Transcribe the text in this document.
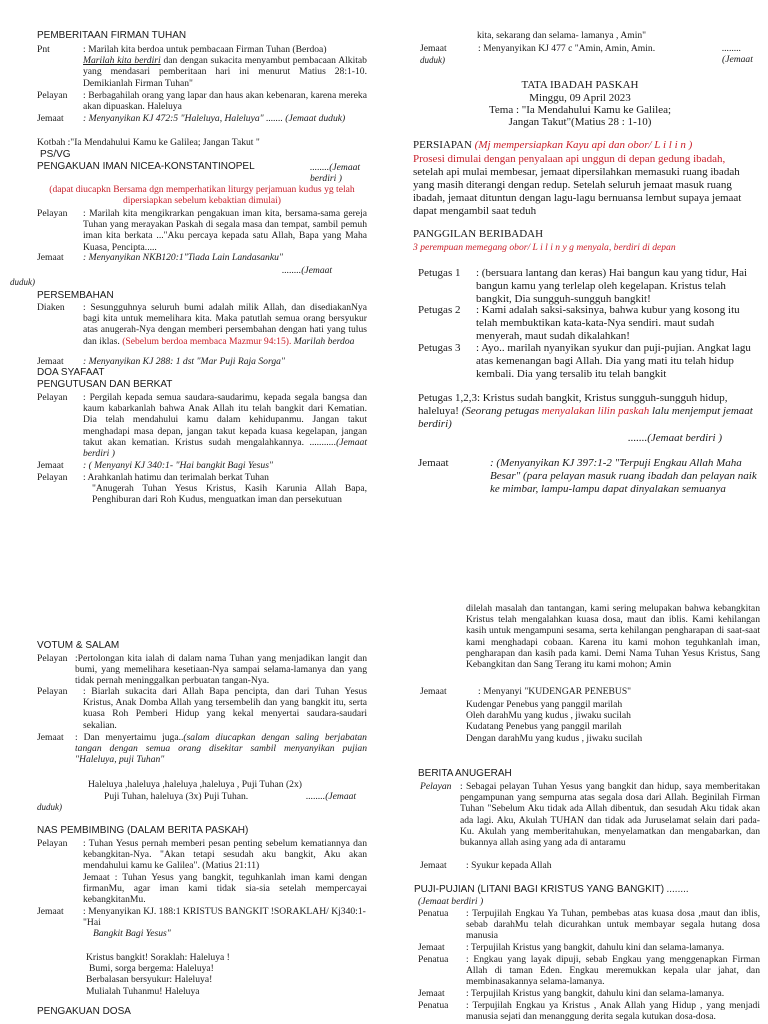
PEMBERITAAN FIRMAN TUHAN
Pnt	: Marilah kita berdoa untuk pembacaan Firman Tuhan (Berdoa)
Marilah kita berdiri dan dengan sukacita menyambut pembacaan Alkitab yang mendasari pemberitaan hari ini menurut Matius 28:1-10. Demikianlah Firman Tuhan"
Pelayan : Berbagahilah orang yang lapar dan haus akan kebenaran, karena mereka akan dipuaskan. Haleluya
Jemaat : Menyanyikan KJ 472:5 "Haleluya, Haleluya" ....... (Jemaat duduk)
Kotbah :"Ia Mendahului Kamu ke Galilea; Jangan Takut "
PS/VG
PENGAKUAN IMAN NICEA-KONSTANTINOPEL	........(Jemaat berdiri )
(dapat diucapkn Bersama dgn memperhatikan liturgy perjamuan kudus yg telah dipersiapkan sebelum kebaktian dimulai)
Pelayan : Marilah kita mengikrarkan pengakuan iman kita, bersama-sama gereja Tuhan yang merayakan Paskah di segala masa dan tempat, sambil pemuh iman kita berkata ..."Aku percaya kepada satu Allah, Bapa yang Maha Kuasa, Pencipta.....
Jemaat : Menyanyikan NKB120:1"Tiada Lain Landasanku"
........(Jemaat
duduk)
PERSEMBAHAN
Diaken : Sesungguhnya seluruh bumi adalah milik Allah, dan disediakanNya bagi kita untuk memelihara kita. Maka patutlah semua orang bersyukur atas anugerah-Nya dengan memberi persembahan dengan hati yang tulus dan iklas. (Sebelum berdoa membaca Mazmur 94:15). Marilah berdoa
Jemaat : Menyanyikan KJ 288: 1 dst "Mar Puji Raja Sorga"
DOA SYAFAAT
PENGUTUSAN DAN BERKAT
Pelayan : Pergilah kepada semua saudara-saudarimu, kepada segala bangsa dan kaum kabarkanlah bahwa Anak Allah itu telah bangkit dari Kematian. Dia telah mendahului kamu dalam kehidupanmu. Jangan takut menghadapi masa depan, jangan takut kepada kuasa kegelapan, jangan takut akan kematian. Kristus sudah mengalahkannya. ...........(Jemaat berdiri )
Jemaat : ( Menyanyi KJ 340:1- "Hai bangkit Bagi Yesus"
Pelayan : Arahkanlah hatimu dan terimalah berkat Tuhan
"Anugerah Tuhan Yesus Kristus, Kasih Karunia Allah Bapa, Penghiburan dari Roh Kudus, menguatkan iman dan persekutuan
kita, sekarang dan selama- lamanya , Amin"
Jemaat	: Menyanyikan KJ 477 c "Amin, Amin, Amin.	........(Jemaat
duduk)
TATA IBADAH PASKAH
Minggu, 09 April 2023
Tema : "Ia Mendahului Kamu ke Galilea;
Jangan Takut"(Matius 28 : 1-10)
PERSIAPAN (Mj mempersiapkan Kayu api dan obor/ L i l i n )
Prosesi dimulai dengan penyalaan api unggun di depan gedung ibadah,
setelah api mulai membesar, jemaat dipersilahkan memasuki ruang ibadah yang masih diterangi dengan redup. Setelah seluruh jemaat masuk ruang ibadah, jemaat dituntun dengan lagu-lagu bernuansa lembut supaya jemaat dapat mengambil saat teduh
PANGGILAN BERIBADAH
3 perempuan memegang obor/ L i l i n y g menyala, berdiri di depan
Petugas 1 : (bersuara lantang dan keras) Hai bangun kau yang tidur, Hai bangun kamu yang terlelap oleh kegelapan. Kristus telah bangkit, Dia sungguh-sungguh bangkit!
Petugas 2 : Kami adalah saksi-saksinya, bahwa kubur yang kosong itu telah membuktikan kata-kata-Nya sendiri. maut sudah menyerah, maut sudah dikalahkan!
Petugas 3 : Ayo.. marilah nyanyikan syukur dan puji-pujian. Angkat lagu atas kemenangan bagi Allah. Dia yang mati itu telah hidup kembali. Dia yang tersalib itu telah bangkit
Petugas 1,2,3: Kristus sudah bangkit, Kristus sungguh-sungguh hidup, haleluya! (Seorang petugas menyalakan lilin paskah lalu menjemput jemaat berdiri)
.......(Jemaat berdiri )
Jemaat	: (Menyanyikan KJ 397:1-2 "Terpuji Engkau Allah Maha Besar" (para pelayan masuk ruang ibadah dan pelayan naik ke mimbar, lampu-lampu dapat dinyalakan semuanya
VOTUM & SALAM
Pelayan :Pertolongan kita ialah di dalam nama Tuhan yang menjadikan langit dan bumi, yang memelihara kesetiaan-Nya sampai selama-lamanya dan yang tidak pernah meninggalkan perbuatan tangan-Nya.
Pelayan : Biarlah sukacita dari Allah Bapa pencipta, dan dari Tuhan Yesus Kristus, Anak Domba Allah yang tersembelih dan yang bangkit itu, serta kuasa Roh Pemberi Hidup yang kekal menyertai saudara-saudari sekalian.
Jemaat : Dan menyertaimu juga..(salam diucapkan dengan saling berjabatan tangan dengan semua orang disekitar sambil menyanyikan pujian "Haleluya, puji Tuhan"
Haleluya ,haleluya ,haleluya ,haleluya , Puji Tuhan (2x)
Puji Tuhan, haleluya (3x) Puji Tuhan.	........(Jemaat
duduk)
NAS PEMBIMBING (DALAM BERITA PASKAH)
Pelayan : Tuhan Yesus pernah memberi pesan penting sebelum kematiannya dan kebangkitan-Nya. "Akan tetapi sesudah aku bangkit, Aku akan mendahului kamu ke Galilea". (Matius 21:11)
Jemaat : Tuhan Yesus yang bangkit, teguhkanlah iman kami dengan firmanMu, agar iman kami tidak sia-sia setelah mempercayai kebangkitanMu.
Jemaat : Menyanyikan KJ. 188:1 KRISTUS BANGKIT !SORAKLAH/ Kj340:1- "Hai
Bangkit Bagi Yesus"
Kristus bangkit! Soraklah: Haleluya !
Bumi, sorga bergema: Haleluya!
Berbalasan bersyukur: Haleluya!
Mulialah Tuhanmu! Haleluya
PENGAKUAN DOSA
dilelah masalah dan tantangan, kami sering melupakan bahwa kebangkitan Kristus telah mengalahkan kuasa dosa, maut dan iblis. Kami kehilangan kasih untuk mengampuni sesama, serta kehilangan pengharapan di saat-saat kami menghadapi cobaan. Karena itu kami mohon teguhkanlah iman, pengharapan dan kasih pada kami. Demi Nama Tuhan Yesus Kristus, Sang Kebangkitan dan Sang Terang itu kami mohon; Amin
Jemaat	: Menyanyi "KUDENGAR PENEBUS"
Kudengar Penebus yang panggil marilah
Oleh darahMu yang kudus , jiwaku sucilah
Kudatang Penebus yang panggil marilah
Dengan darahMu yang kudus , jiwaku sucilah
BERITA ANUGERAH
Pelayan : Sebagai pelayan Tuhan Yesus yang bangkit dan hidup, saya memberitakan pengampunan yang sempurna atas segala dosa dari Allah. Beginilah Firman Tuhan "Sebelum Aku tidak ada Allah dibentuk, dan sesudah Aku tidak akan ada lagi. Aku, Akulah TUHAN dan tidak ada Juruselamat selain dari pada-Ku. Akulah yang memberitahukan, menyelamatkan dan mengabarkan, dan bukannya allah asing yang ada di antaramu
Jemaat : Syukur kepada Allah
PUJI-PUJIAN (LITANI BAGI KRISTUS YANG BANGKIT) ........
(Jemaat berdiri )
Penatua : Terpujilah Engkau Ya Tuhan, pembebas atas kuasa dosa ,maut dan iblis, sebab darahMu telah dicurahkan untuk membayar segala hutang dosa manusia
Jemaat : Terpujilah Kristus yang bangkit, dahulu kini dan selama-lamanya.
Penatua : Engkau yang layak dipuji, sebab Engkau yang menggenapkan Firman Allah di taman Eden. Engkau meremukkan kepala ular jahat, dan membinasakannya selama-lamanya.
Jemaat : Terpujilah Kristus yang bangkit, dahulu kini dan selama-lamanya.
Penatua : Terpujilah Engkau ya Kristus , Anak Allah yang Hidup , yang menjadi manusia sejati dan menanggung derita segala kutukan dosa-dosa.
